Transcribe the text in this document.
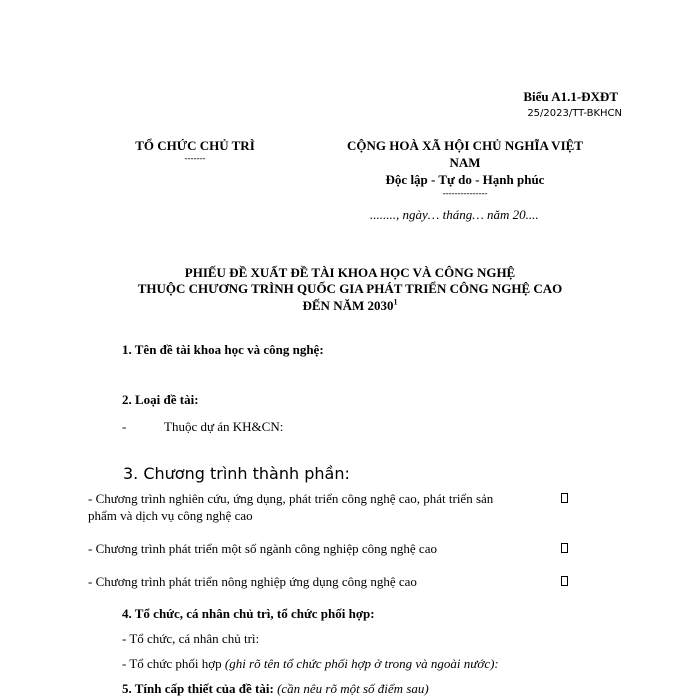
Biểu A1.1-ĐXĐT
25/2023/TT-BKHCN
TỔ CHỨC CHỦ TRÌ
-------
CỘNG HOÀ XÃ HỘI CHỦ NGHĨA VIỆT
NAM
Độc lập - Tự do - Hạnh phúc
---------------
........, ngày… tháng… năm 20....
PHIẾU ĐỀ XUẤT ĐỀ TÀI KHOA HỌC VÀ CÔNG NGHỆ
THUỘC CHƯƠNG TRÌNH QUỐC GIA PHÁT TRIỂN CÔNG NGHỆ CAO
ĐẾN NĂM 2030$^1$
1. Tên đề tài khoa học và công nghệ:
2. Loại đề tài:
-	Thuộc dự án KH&CN:
3. Chương trình thành phần:
- Chương trình nghiên cứu, ứng dụng, phát triển công nghệ cao, phát triển sản
phẩm và dịch vụ công nghệ cao
- Chương trình phát triển một số ngành công nghiệp công nghệ cao
- Chương trình phát triển nông nghiệp ứng dụng công nghệ cao
4. Tổ chức, cá nhân chủ trì, tổ chức phối hợp:
- Tổ chức, cá nhân chủ trì:
- Tổ chức phối hợp (ghi rõ tên tổ chức phối hợp ở trong và ngoài nước):
5. Tính cấp thiết của đề tài: (cần nêu rõ một số điểm sau)
